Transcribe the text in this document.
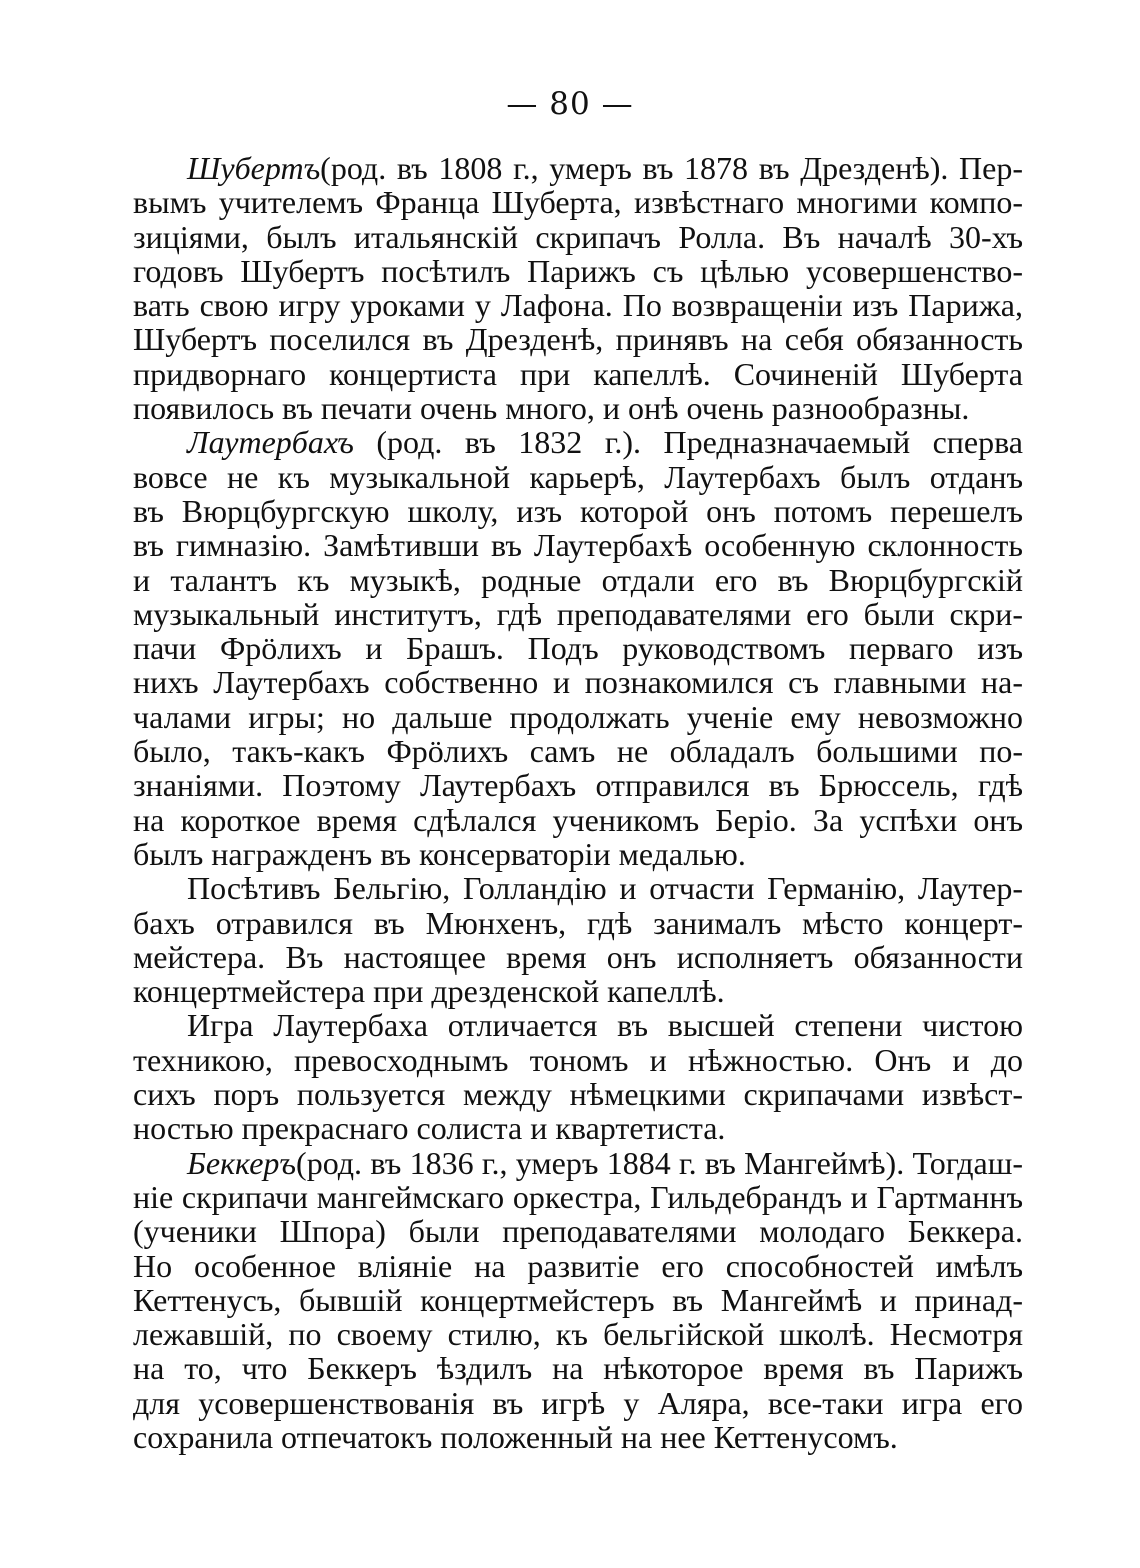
— 80 —
Шубертъ(род. въ 1808 г., умеръ въ 1878 въ Дрезденѣ). Пер-
вымъ учителемъ Франца Шуберта, извѣстнаго многими компо-
зиціями, былъ итальянскій скрипачъ Ролла. Въ началѣ 30-хъ
годовъ Шубертъ посѣтилъ Парижъ съ цѣлью усовершенство-
вать свою игру уроками у Лафона. По возвращеніи изъ Парижа,
Шубертъ поселился въ Дрезденѣ, принявъ на себя обязанность
придворнаго концертиста при капеллѣ. Сочиненій Шуберта
появилось въ печати очень много, и онѣ очень разнообразны.
Лаутербахъ (род. въ 1832 г.). Предназначаемый сперва
вовсе не къ музыкальной карьерѣ, Лаутербахъ былъ отданъ
въ Вюрцбургскую школу, изъ которой онъ потомъ перешелъ
въ гимназію. Замѣтивши въ Лаутербахѣ особенную склонность
и талантъ къ музыкѣ, родные отдали его въ Вюрцбургскій
музыкальный институтъ, гдѣ преподавателями его были скри-
пачи Фрӧлихъ и Брашъ. Подъ руководствомъ перваго изъ
нихъ Лаутербахъ собственно и познакомился съ главными на-
чалами игры; но дальше продолжать ученіе ему невозможно
было, такъ-какъ Фрӧлихъ самъ не обладалъ большими по-
знаніями. Поэтому Лаутербахъ отправился въ Брюссель, гдѣ
на короткое время сдѣлался ученикомъ Беріо. За успѣхи онъ
былъ награжденъ въ консерваторіи медалью.
Посѣтивъ Бельгію, Голландію и отчасти Германію, Лаутер-
бахъ отравился въ Мюнхенъ, гдѣ занималъ мѣсто концерт-
мейстера. Въ настоящее время онъ исполняетъ обязанности
концертмейстера при дрезденской капеллѣ.
Игра Лаутербаха отличается въ высшей степени чистою
техникою, превосходнымъ тономъ и нѣжностью. Онъ и до
сихъ поръ пользуется между нѣмецкими скрипачами извѣст-
ностью прекраснаго солиста и квартетиста.
Беккеръ(род. въ 1836 г., умеръ 1884 г. въ Мангеймѣ). Тогдаш-
ніе скрипачи мангеймскаго оркестра, Гильдебрандъ и Гартманнъ
(ученики Шпора) были преподавателями молодаго Беккера.
Но особенное вліяніе на развитіе его способностей имѣлъ
Кеттенусъ, бывшій концертмейстеръ въ Мангеймѣ и принад-
лежавшій, по своему стилю, къ бельгійской школѣ. Несмотря
на то, что Беккеръ ѣздилъ на нѣкоторое время въ Парижъ
для усовершенствованія въ игрѣ у Аляра, все-таки игра его
сохранила отпечатокъ положенный на нее Кеттенусомъ.
